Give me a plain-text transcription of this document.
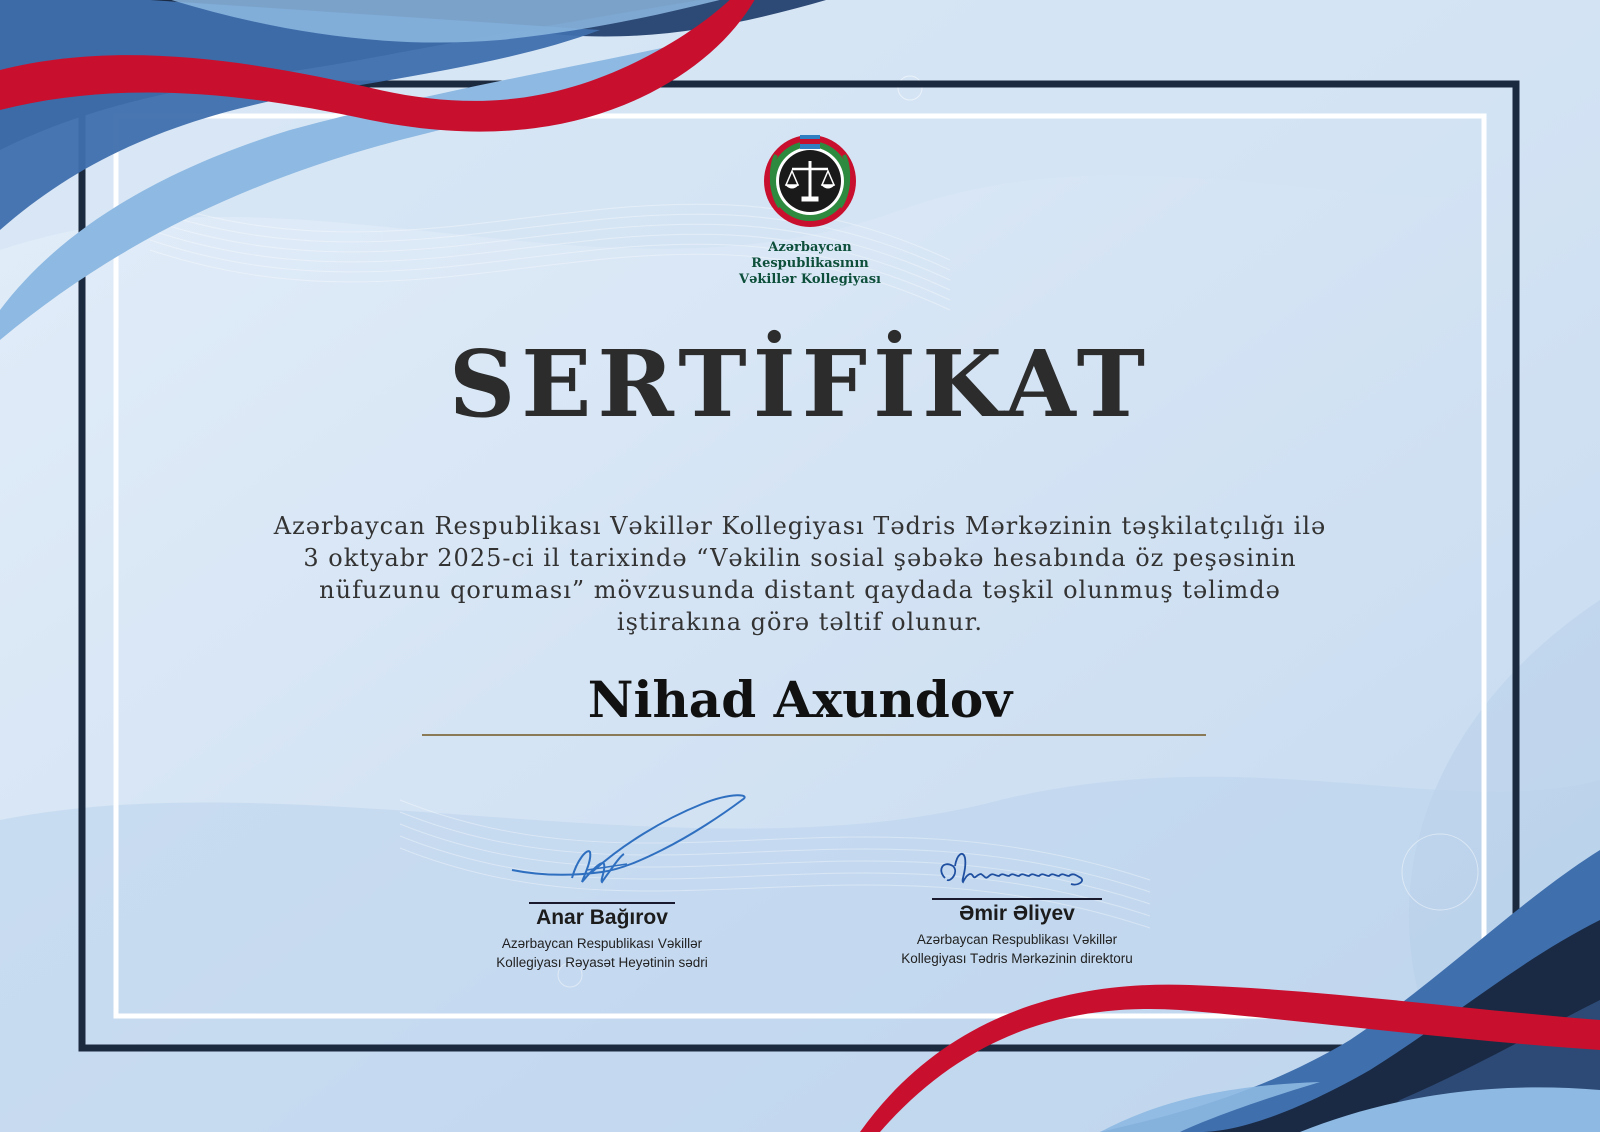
Azərbaycan
Respublikasının
Vəkillər Kollegiyası
SERTİFİKAT
Azərbaycan Respublikası Vəkillər Kollegiyası Tədris Mərkəzinin təşkilatçılığı ilə
3 oktyabr 2025-ci il tarixində “Vəkilin sosial şəbəkə hesabında öz peşəsinin
nüfuzunu qoruması” mövzusunda distant qaydada təşkil olunmuş təlimdə
iştirakına görə təltif olunur.
Nihad Axundov
Anar Bağırov
Azərbaycan Respublikası Vəkillər
Kollegiyası Rəyasət Heyətinin sədri
Əmir Əliyev
Azərbaycan Respublikası Vəkillər
Kollegiyası Tədris Mərkəzinin direktoru
